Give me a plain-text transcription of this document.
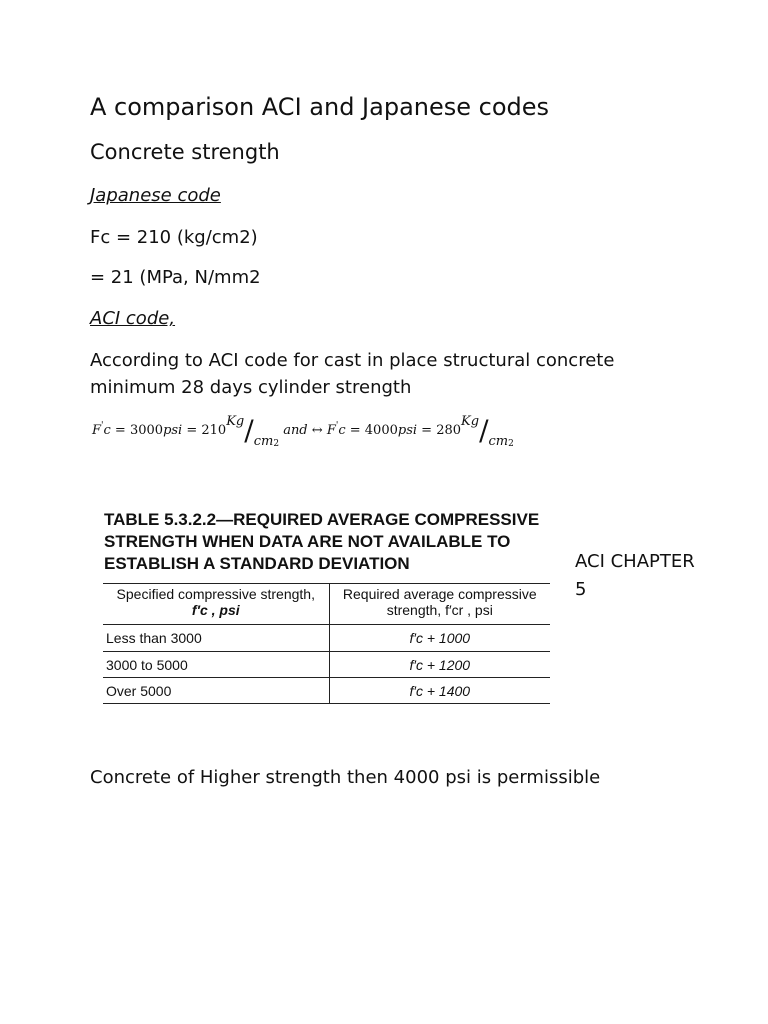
A comparison ACI and Japanese codes
Concrete strength

Japanese code

Fc = 210 (kg/cm2)

= 21 (MPa, N/mm2

ACI code,

According to ACI code for cast in place structural concrete minimum 28 days cylinder strength

$F'c = 3000psi = 210Kg/cm_2$ and ↔ $F'c = 4000psi = 280Kg/cm_2$
TABLE 5.3.2.2—REQUIRED AVERAGE COMPRESSIVE STRENGTH WHEN DATA ARE NOT AVAILABLE TO ESTABLISH A STANDARD DEVIATION
Specified compressive strength,
f′c , psi	Required average compressive
strength, f′cr , psi
Less than 3000	f′c + 1000
3000 to 5000	f′c + 1200
Over 5000	f′c + 1400
ACI CHAPTER 5

Concrete of Higher strength then 4000 psi is permissible
